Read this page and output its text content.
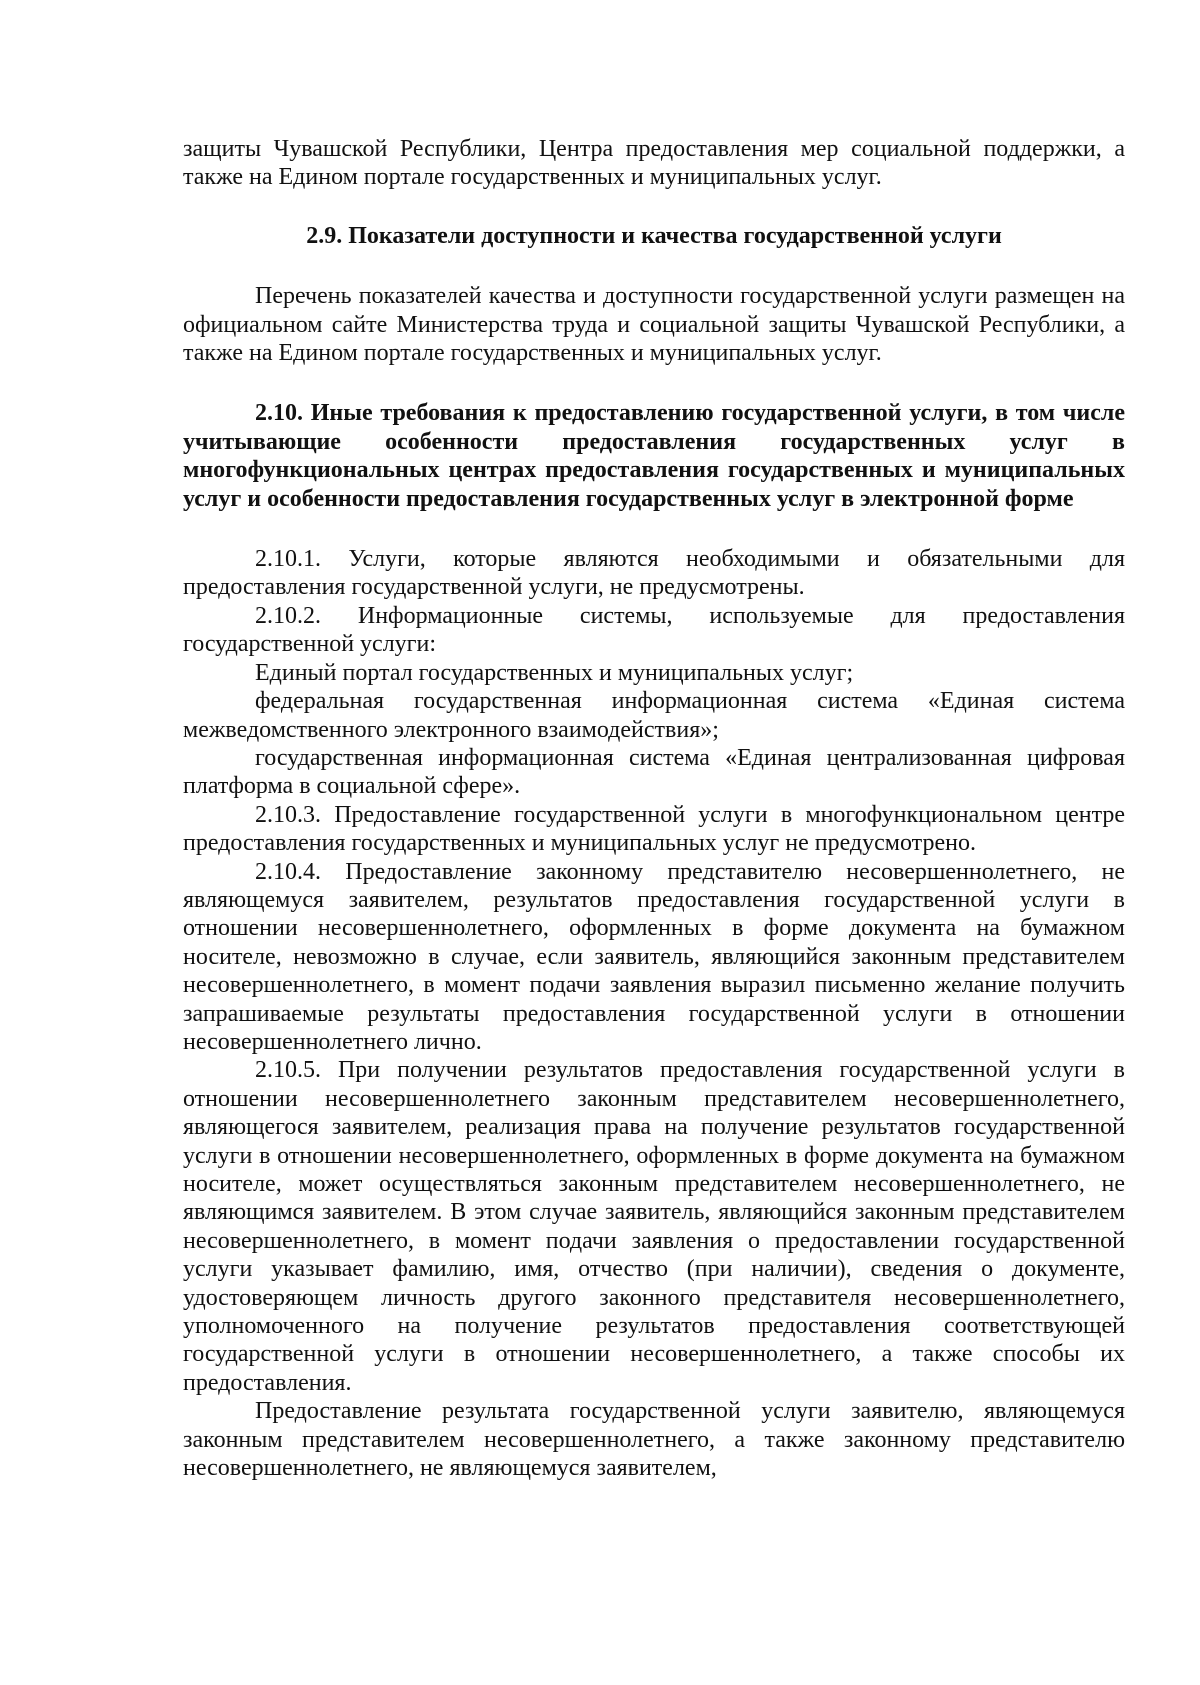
защиты Чувашской Республики, Центра предоставления мер социальной поддержки, а также на Едином портале государственных и муниципальных услуг.

2.9. Показатели доступности и качества государственной услуги

Перечень показателей качества и доступности государственной услуги размещен на официальном сайте Министерства труда и социальной защиты Чувашской Республики, а также на Едином портале государственных и муниципальных услуг.

2.10. Иные требования к предоставлению государственной услуги, в том числе учитывающие особенности предоставления государственных услуг в многофункциональных центрах предоставления государственных и муниципальных услуг и особенности предоставления государственных услуг в электронной форме

2.10.1. Услуги, которые являются необходимыми и обязательными для предоставления государственной услуги, не предусмотрены.

2.10.2. Информационные системы, используемые для предоставления государственной услуги:

Единый портал государственных и муниципальных услуг;

федеральная государственная информационная система «Единая система межведомственного электронного взаимодействия»;

государственная информационная система «Единая централизованная цифровая платформа в социальной сфере».

2.10.3. Предоставление государственной услуги в многофункциональном центре предоставления государственных и муниципальных услуг не предусмотрено.

2.10.4. Предоставление законному представителю несовершеннолетнего, не являющемуся заявителем, результатов предоставления государственной услуги в отношении несовершеннолетнего, оформленных в форме документа на бумажном носителе, невозможно в случае, если заявитель, являющийся законным представителем несовершеннолетнего, в момент подачи заявления выразил письменно желание получить запрашиваемые результаты предоставления государственной услуги в отношении несовершеннолетнего лично.

2.10.5. При получении результатов предоставления государственной услуги в отношении несовершеннолетнего законным представителем несовершеннолетнего, являющегося заявителем, реализация права на получение результатов государственной услуги в отношении несовершеннолетнего, оформленных в форме документа на бумажном носителе, может осуществляться законным представителем несовершеннолетнего, не являющимся заявителем. В этом случае заявитель, являющийся законным представителем несовершеннолетнего, в момент подачи заявления о предоставлении государственной услуги указывает фамилию, имя, отчество (при наличии), сведения о документе, удостоверяющем личность другого законного представителя несовершеннолетнего, уполномоченного на получение результатов предоставления соответствующей государственной услуги в отношении несовершеннолетнего, а также способы их предоставления.

Предоставление результата государственной услуги заявителю, являющемуся законным представителем несовершеннолетнего, а также законному представителю несовершеннолетнего, не являющемуся заявителем,
